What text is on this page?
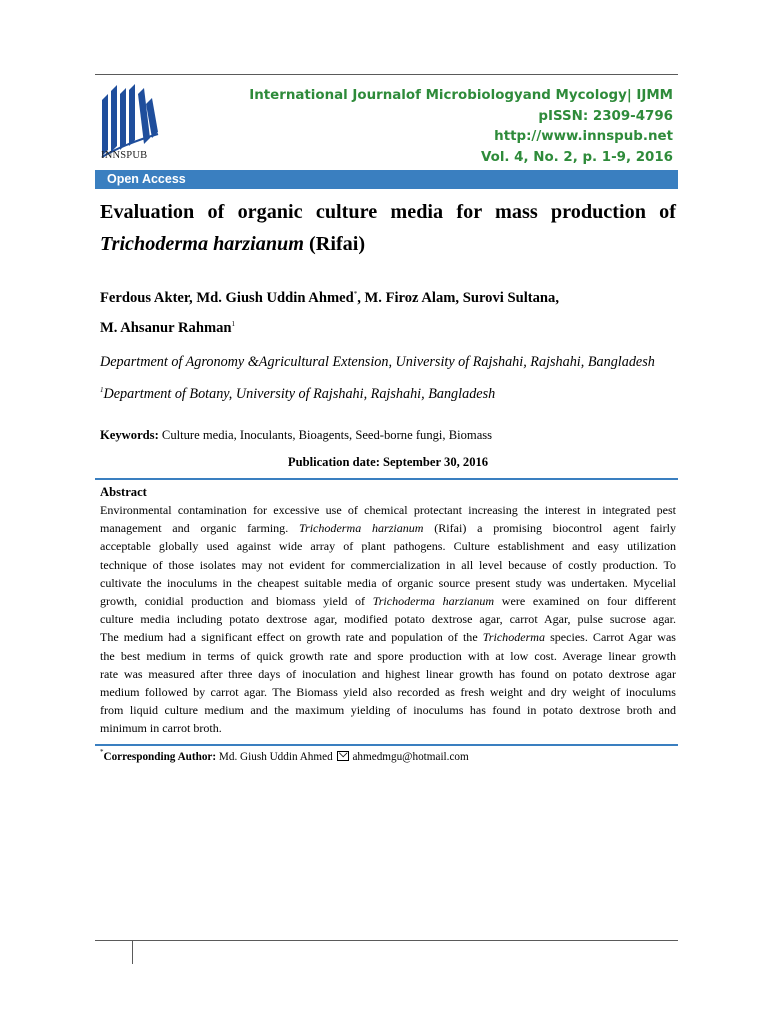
INNSPUB
International Journalof Microbiologyand Mycology| IJMM
pISSN: 2309-4796
http://www.innspub.net
Vol. 4, No. 2, p. 1-9, 2016
Open Access
Evaluation of organic culture media for mass production of
Trichoderma harzianum (Rifai)
Ferdous Akter, Md. Giush Uddin Ahmed*, M. Firoz Alam, Surovi Sultana,
M. Ahsanur Rahman$^1$
Department of Agronomy &Agricultural Extension, University of Rajshahi, Rajshahi, Bangladesh
$^1$Department of Botany, University of Rajshahi, Rajshahi, Bangladesh
Keywords: Culture media, Inoculants, Bioagents, Seed-borne fungi, Biomass
Publication date: September 30, 2016
Abstract
Environmental contamination for excessive use of chemical protectant increasing the interest in integrated pest
management and organic farming. Trichoderma harzianum (Rifai) a promising biocontrol agent fairly
acceptable globally used against wide array of plant pathogens. Culture establishment and easy utilization
technique of those isolates may not evident for commercialization in all level because of costly production. To
cultivate the inoculums in the cheapest suitable media of organic source present study was undertaken. Mycelial
growth, conidial production and biomass yield of Trichoderma harzianum were examined on four different
culture media including potato dextrose agar, modified potato dextrose agar, carrot Agar, pulse sucrose agar.
The medium had a significant effect on growth rate and population of the Trichoderma species. Carrot Agar was
the best medium in terms of quick growth rate and spore production with at low cost. Average linear growth
rate was measured after three days of inoculation and highest linear growth has found on potato dextrose agar
medium followed by carrot agar. The Biomass yield also recorded as fresh weight and dry weight of inoculums
from liquid culture medium and the maximum yielding of inoculums has found in potato dextrose broth and
minimum in carrot broth.
*Corresponding Author: Md. Giush Uddin Ahmed ahmedmgu@hotmail.com
